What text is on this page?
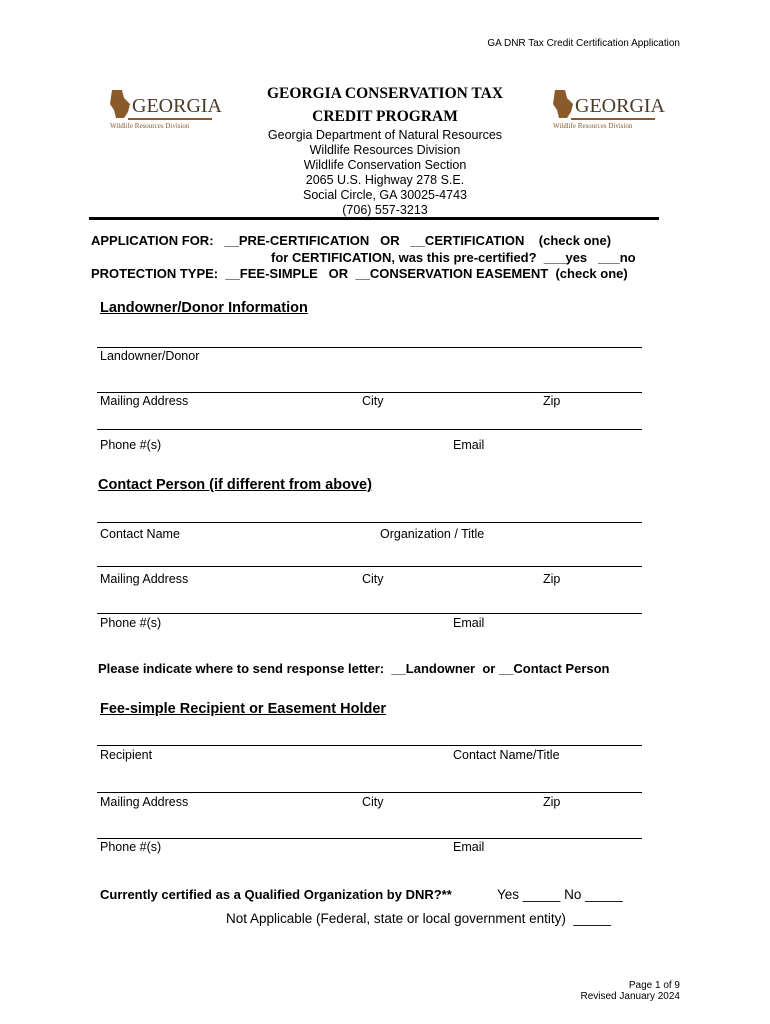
GA DNR Tax Credit Certification Application
GEORGIA
Wildlife Resources Division
GEORGIA
Wildlife Resources Division
GEORGIA CONSERVATION TAX
CREDIT PROGRAM
Georgia Department of Natural Resources
Wildlife Resources Division
Wildlife Conservation Section
2065 U.S. Highway 278 S.E.
Social Circle, GA 30025-4743
(706) 557-3213
APPLICATION FOR:   __PRE-CERTIFICATION   OR   __CERTIFICATION    (check one)
for CERTIFICATION, was this pre-certified?  ___yes   ___no
PROTECTION TYPE:  __FEE-SIMPLE   OR  __CONSERVATION EASEMENT  (check one)
Landowner/Donor Information
Landowner/Donor
Mailing Address	City	Zip
Phone #(s)	Email
Contact Person (if different from above)
Contact Name	Organization / Title
Mailing Address	City	Zip
Phone #(s)	Email
Please indicate where to send response letter:  __Landowner  or __Contact Person
Fee-simple Recipient or Easement Holder
Recipient	Contact Name/Title
Mailing Address	City	Zip
Phone #(s)	Email
Currently certified as a Qualified Organization by DNR?**	Yes _____ No _____
Not Applicable (Federal, state or local government entity)  _____
Page 1 of 9
Revised January 2024
